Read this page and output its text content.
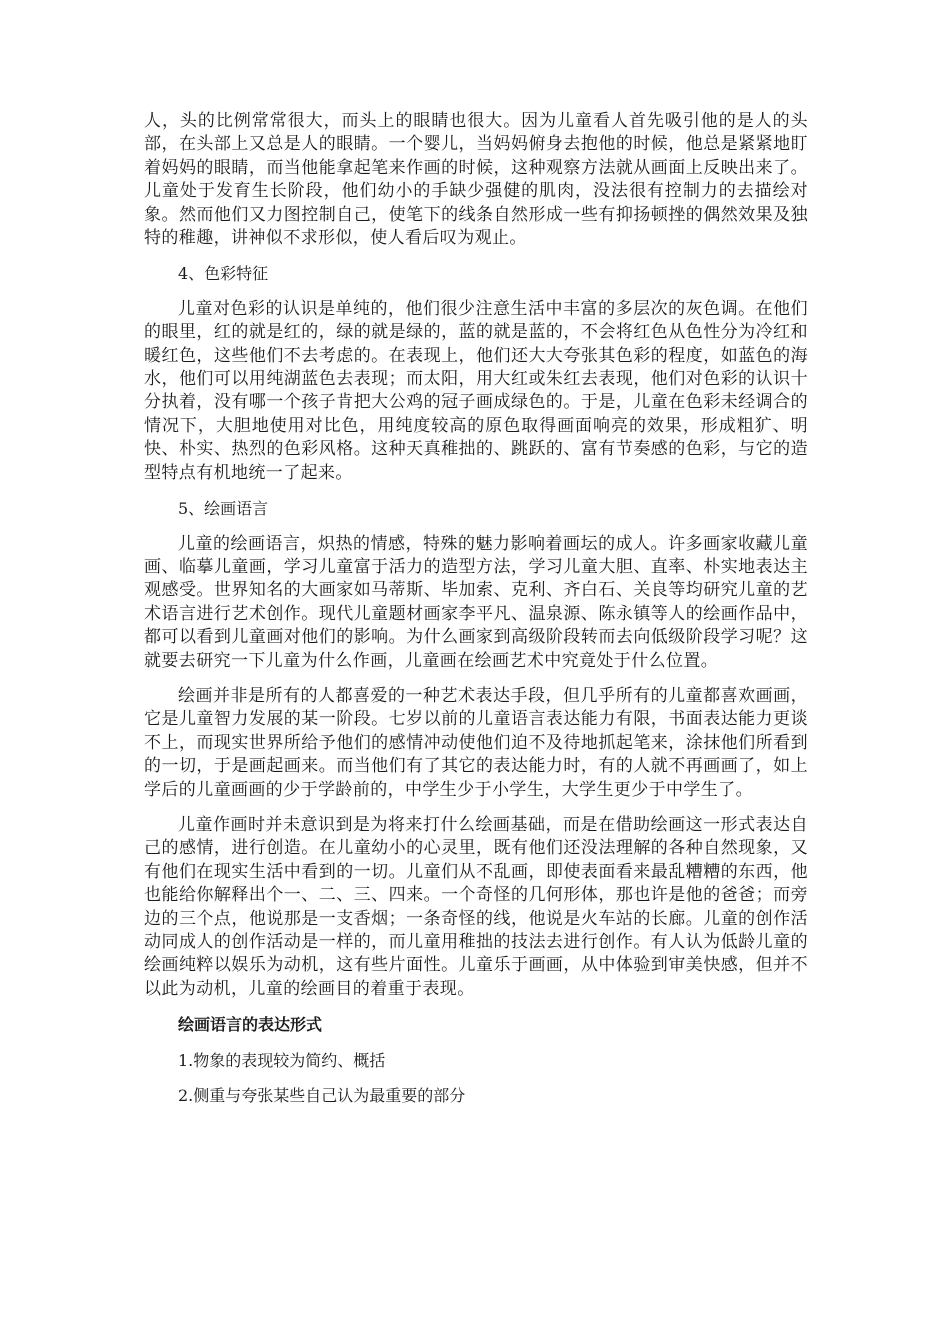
人，头的比例常常很大，而头上的眼睛也很大。因为儿童看人首先吸引他的是人的头部，在头部上又总是人的眼睛。一个婴儿，当妈妈俯身去抱他的时候，他总是紧紧地盯着妈妈的眼睛，而当他能拿起笔来作画的时候，这种观察方法就从画面上反映出来了。儿童处于发育生长阶段，他们幼小的手缺少强健的肌肉，没法很有控制力的去描绘对象。然而他们又力图控制自己，使笔下的线条自然形成一些有抑扬顿挫的偶然效果及独特的稚趣，讲神似不求形似，使人看后叹为观止。

4、色彩特征

儿童对色彩的认识是单纯的，他们很少注意生活中丰富的多层次的灰色调。在他们的眼里，红的就是红的，绿的就是绿的，蓝的就是蓝的，不会将红色从色性分为冷红和暖红色，这些他们不去考虑的。在表现上，他们还大大夸张其色彩的程度，如蓝色的海水，他们可以用纯湖蓝色去表现；而太阳，用大红或朱红去表现，他们对色彩的认识十分执着，没有哪一个孩子肯把大公鸡的冠子画成绿色的。于是，儿童在色彩未经调合的情况下，大胆地使用对比色，用纯度较高的原色取得画面响亮的效果，形成粗犷、明快、朴实、热烈的色彩风格。这种天真稚拙的、跳跃的、富有节奏感的色彩，与它的造型特点有机地统一了起来。

5、绘画语言

儿童的绘画语言，炽热的情感，特殊的魅力影响着画坛的成人。许多画家收藏儿童画、临摹儿童画，学习儿童富于活力的造型方法，学习儿童大胆、直率、朴实地表达主观感受。世界知名的大画家如马蒂斯、毕加索、克利、齐白石、关良等均研究儿童的艺术语言进行艺术创作。现代儿童题材画家李平凡、温泉源、陈永镇等人的绘画作品中，都可以看到儿童画对他们的影响。为什么画家到高级阶段转而去向低级阶段学习呢？这就要去研究一下儿童为什么作画，儿童画在绘画艺术中究竟处于什么位置。

绘画并非是所有的人都喜爱的一种艺术表达手段，但几乎所有的儿童都喜欢画画，它是儿童智力发展的某一阶段。七岁以前的儿童语言表达能力有限，书面表达能力更谈不上，而现实世界所给予他们的感情冲动使他们迫不及待地抓起笔来，涂抹他们所看到的一切，于是画起画来。而当他们有了其它的表达能力时，有的人就不再画画了，如上学后的儿童画画的少于学龄前的，中学生少于小学生，大学生更少于中学生了。

儿童作画时并未意识到是为将来打什么绘画基础，而是在借助绘画这一形式表达自己的感情，进行创造。在儿童幼小的心灵里，既有他们还没法理解的各种自然现象，又有他们在现实生活中看到的一切。儿童们从不乱画，即使表面看来最乱糟糟的东西，他也能给你解释出个一、二、三、四来。一个奇怪的几何形体，那也许是他的爸爸；而旁边的三个点，他说那是一支香烟；一条奇怪的线，他说是火车站的长廊。儿童的创作活动同成人的创作活动是一样的，而儿童用稚拙的技法去进行创作。有人认为低龄儿童的绘画纯粹以娱乐为动机，这有些片面性。儿童乐于画画，从中体验到审美快感，但并不以此为动机，儿童的绘画目的着重于表现。

绘画语言的表达形式

1.物象的表现较为简约、概括

2.侧重与夸张某些自己认为最重要的部分
